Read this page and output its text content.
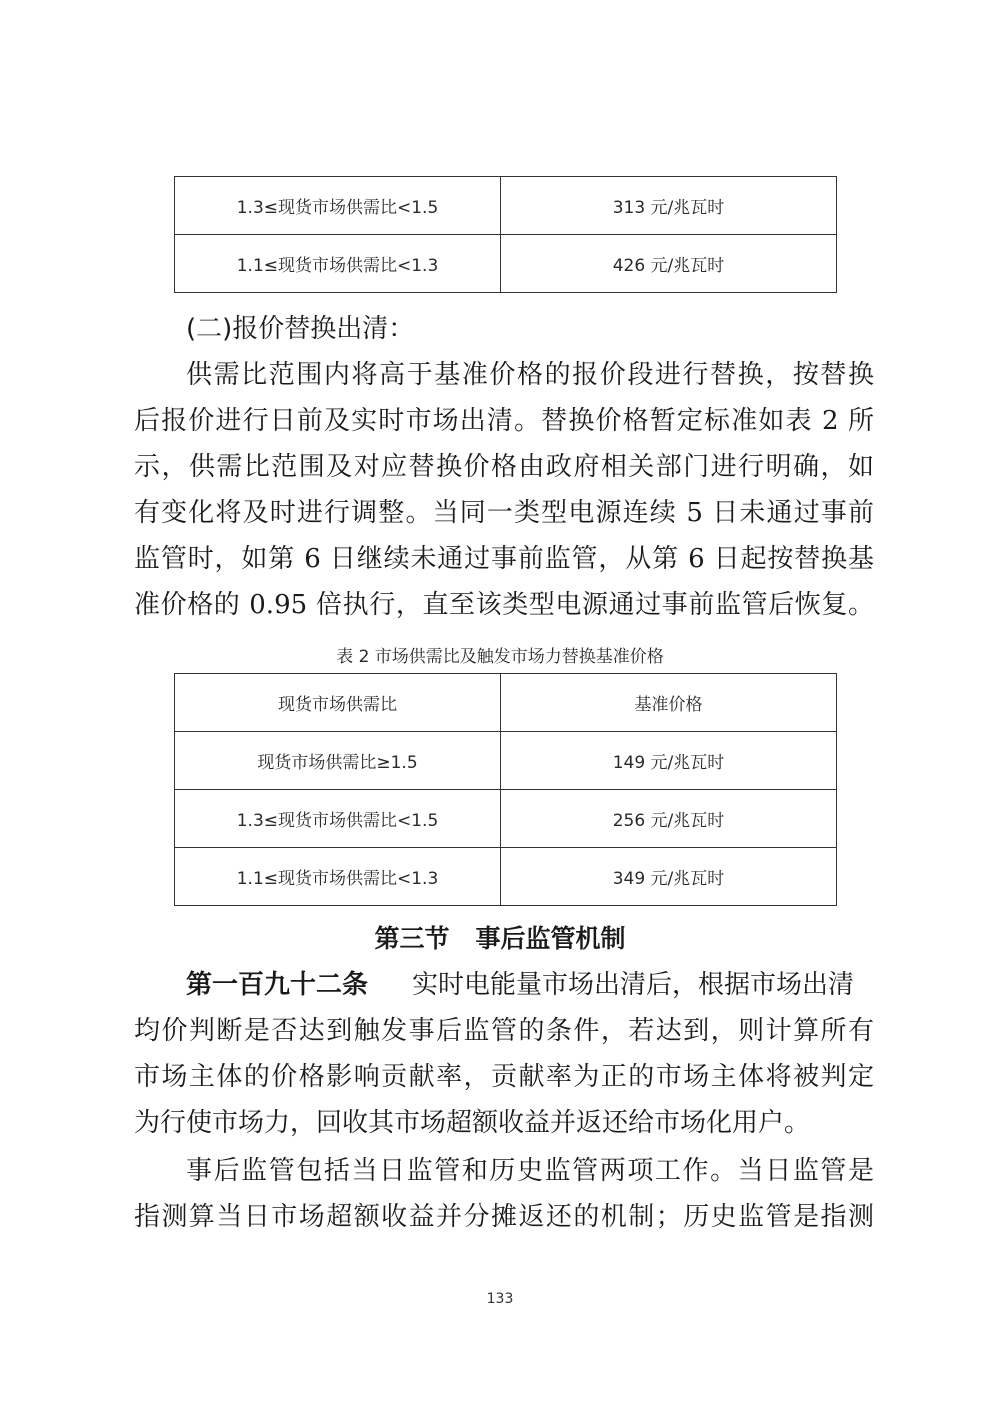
1.3≤现货市场供需比<1.5	313 元/兆瓦时
1.1≤现货市场供需比<1.3	426 元/兆瓦时
(二)报价替换出清：
供需比范围内将高于基准价格的报价段进行替换，按替换
后报价进行日前及实时市场出清。替换价格暂定标准如表 2 所
示，供需比范围及对应替换价格由政府相关部门进行明确，如
有变化将及时进行调整。当同一类型电源连续 5 日未通过事前
监管时，如第 6 日继续未通过事前监管，从第 6 日起按替换基
准价格的 0.95 倍执行，直至该类型电源通过事前监管后恢复。
表 2 市场供需比及触发市场力替换基准价格
现货市场供需比	基准价格
现货市场供需比≥1.5	149 元/兆瓦时
1.3≤现货市场供需比<1.5	256 元/兆瓦时
1.1≤现货市场供需比<1.3	349 元/兆瓦时
第三节   事后监管机制
第一百九十二条 实时电能量市场出清后，根据市场出清
均价判断是否达到触发事后监管的条件，若达到，则计算所有
市场主体的价格影响贡献率，贡献率为正的市场主体将被判定
为行使市场力，回收其市场超额收益并返还给市场化用户。
事后监管包括当日监管和历史监管两项工作。当日监管是
指测算当日市场超额收益并分摊返还的机制；历史监管是指测
133
